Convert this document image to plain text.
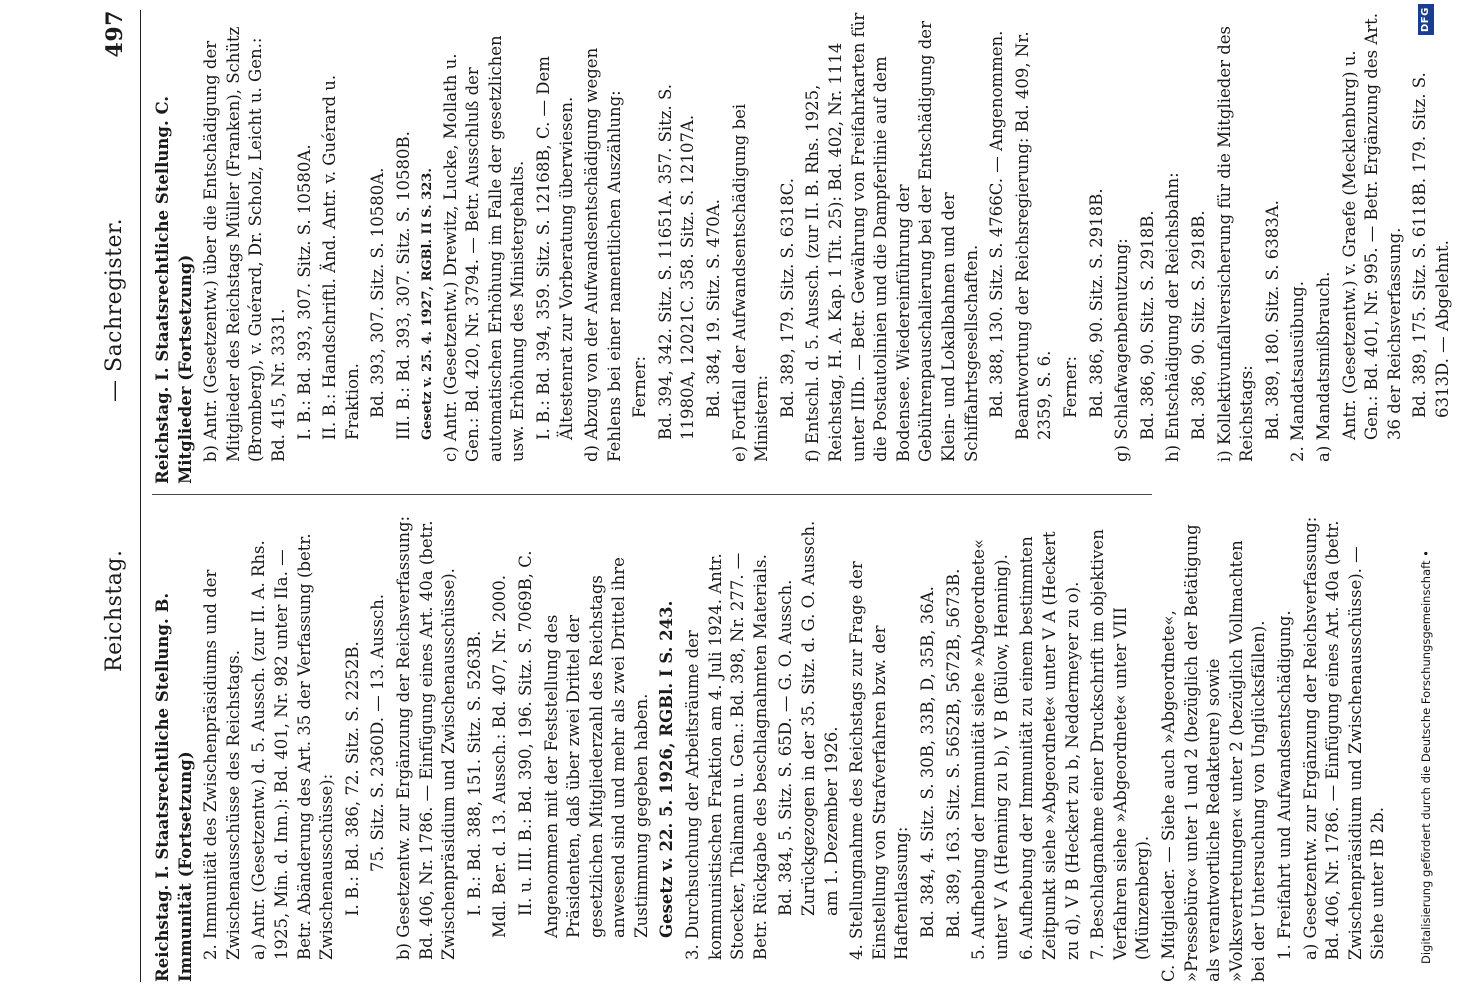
Reichstag.
— Sachregister.
497

Reichstag. I. Staatsrechtliche Stellung. B. Immunität (Fortsetzung) 2. Immunität des Zwischenpräsidiums und der Zwischenausschüsse des Reichstags. a) Antr. (Gesetzentw.) d. 5. Aussch. (zur II. A. Rhs. 1925, Min. d. Inn.): Bd. 401, Nr. 982 unter IIa. — Betr. Abänderung des Art. 35 der Verfassung (betr. Zwischenausschüsse): I. B.: Bd. 386, 72. Sitz. S. 2252B. 75. Sitz. S. 2360D. — 13. Aussch. b) Gesetzentw. zur Ergänzung der Reichsverfassung: Bd. 406, Nr. 1786. — Einfügung eines Art. 40a (betr. Zwischenpräsidium und Zwischenausschüsse). I. B.: Bd. 388, 151. Sitz. S. 5263B. Mdl. Ber. d. 13. Aussch.: Bd. 407, Nr. 2000. II. u. III. B.: Bd. 390, 196. Sitz. S. 7069B, C. Angenommen mit der Feststellung des Präsidenten, daß über zwei Drittel der gesetzlichen Mitgliederzahl des Reichstags anwesend sind und mehr als zwei Drittel ihre Zustimmung gegeben haben. Gesetz v. 22. 5. 1926, RGBl. I S. 243. 3. Durchsuchung der Arbeitsräume der kommunistischen Fraktion am 4. Juli 1924. Antr. Stoecker, Thälmann u. Gen.: Bd. 398, Nr. 277. — Betr. Rückgabe des beschlagnahmten Materials. Bd. 384, 5. Sitz. S. 65D. — G. O. Aussch. Zurückgezogen in der 35. Sitz. d. G. O. Aussch. am 1. Dezember 1926. 4. Stellungnahme des Reichstags zur Frage der Einstellung von Strafverfahren bzw. der Haftentlassung: Bd. 384, 4. Sitz. S. 30B, 33B, D, 35B, 36A. Bd. 389, 163. Sitz. S. 5652B, 5672B, 5673B. 5. Aufhebung der Immunität siehe »Abgeordnete« unter V A (Henning zu b), V B (Bülow, Henning). 6. Aufhebung der Immunität zu einem bestimmten Zeitpunkt siehe »Abgeordnete« unter V A (Heckert zu d), V B (Heckert zu b, Neddermeyer zu o). 7. Beschlagnahme einer Druckschrift im objektiven Verfahren siehe »Abgeordnete« unter VIII (Münzenberg). C. Mitglieder. — Siehe auch »Abgeordnete«, »Pressebüro« unter 1 und 2 (bezüglich der Betätigung als verantwortliche Redakteure) sowie »Volksvertretungen« unter 2 (bezüglich Vollmachten bei der Untersuchung von Unglücksfällen). 1. Freifahrt und Aufwandsentschädigung. a) Gesetzentw. zur Ergänzung der Reichsverfassung: Bd. 406, Nr. 1786. — Einfügung eines Art. 40a (betr. Zwischenpräsidium und Zwischenausschüsse). — Siehe unter IB 2b.

Reichstag. I. Staatsrechtliche Stellung. C. Mitglieder (Fortsetzung) b) Antr. (Gesetzentw.) über die Entschädigung der Mitglieder des Reichstags Müller (Franken), Schütz (Bromberg), v. Guérard, Dr. Scholz, Leicht u. Gen.: Bd. 415, Nr. 3331. I. B.: Bd. 393, 307. Sitz. S. 10580A. II. B.: Handschriftl. Änd. Antr. v. Guérard u. Fraktion. Bd. 393, 307. Sitz. S. 10580A. III. B.: Bd. 393, 307. Sitz. S. 10580B. Gesetz v. 25. 4. 1927, RGBl. II S. 323. c) Antr. (Gesetzentw.) Drewitz, Lucke, Mollath u. Gen.: Bd. 420, Nr. 3794. — Betr. Ausschluß der automatischen Erhöhung im Falle der gesetzlichen usw. Erhöhung des Ministergehalts. I. B.: Bd. 394, 359. Sitz. S. 12168B, C. — Dem Ältestenrat zur Vorberatung überwiesen. d) Abzug von der Aufwandsentschädigung wegen Fehlens bei einer namentlichen Auszählung: Ferner: Bd. 394, 342. Sitz. S. 11651A. 357. Sitz. S. 11980A, 12021C. 358. Sitz. S. 12107A. Bd. 384, 19. Sitz. S. 470A. e) Fortfall der Aufwandsentschädigung bei Ministern:

Bd. 389, 179. Sitz. S. 6318C. f) Entschl. d. 5. Aussch. (zur II. B. Rhs. 1925, Reichstag, H. A. Kap. 1 Tit. 25): Bd. 402, Nr. 1114 unter IIIb. — Betr. Gewährung von Freifahrkarten für die Postautolinien und die Dampferlinie auf dem Bodensee. Wiedereinführung der Gebührenpauschalierung bei der Entschädigung der Klein- und Lokalbahnen und der Schiffahrtsgesellschaften. Bd. 388, 130. Sitz. S. 4766C. — Angenommen. Beantwortung der Reichsregierung: Bd. 409, Nr. 2359, S. 6. Ferner: Bd. 386, 90. Sitz. S. 2918B. g) Schlafwagenbenutzung: Bd. 386, 90. Sitz. S. 2918B. h) Entschädigung der Reichsbahn: Bd. 386, 90. Sitz. S. 2918B. i) Kollektivunfallversicherung für die Mitglieder des Reichstags: Bd. 389, 180. Sitz. S. 6383A. 2. Mandatsausübung. a) Mandatsmißbrauch. Antr. (Gesetzentw.) v. Graefe (Mecklenburg) u. Gen.: Bd. 401, Nr. 995. — Betr. Ergänzung des Art. 36 der Reichsverfassung. Bd. 389, 175. Sitz. S. 6118B. 179. Sitz. S. 6313D. — Abgelehnt.

Digitalisierung gefördert durch die Deutsche Forschungsgemeinschaft •
DFG
